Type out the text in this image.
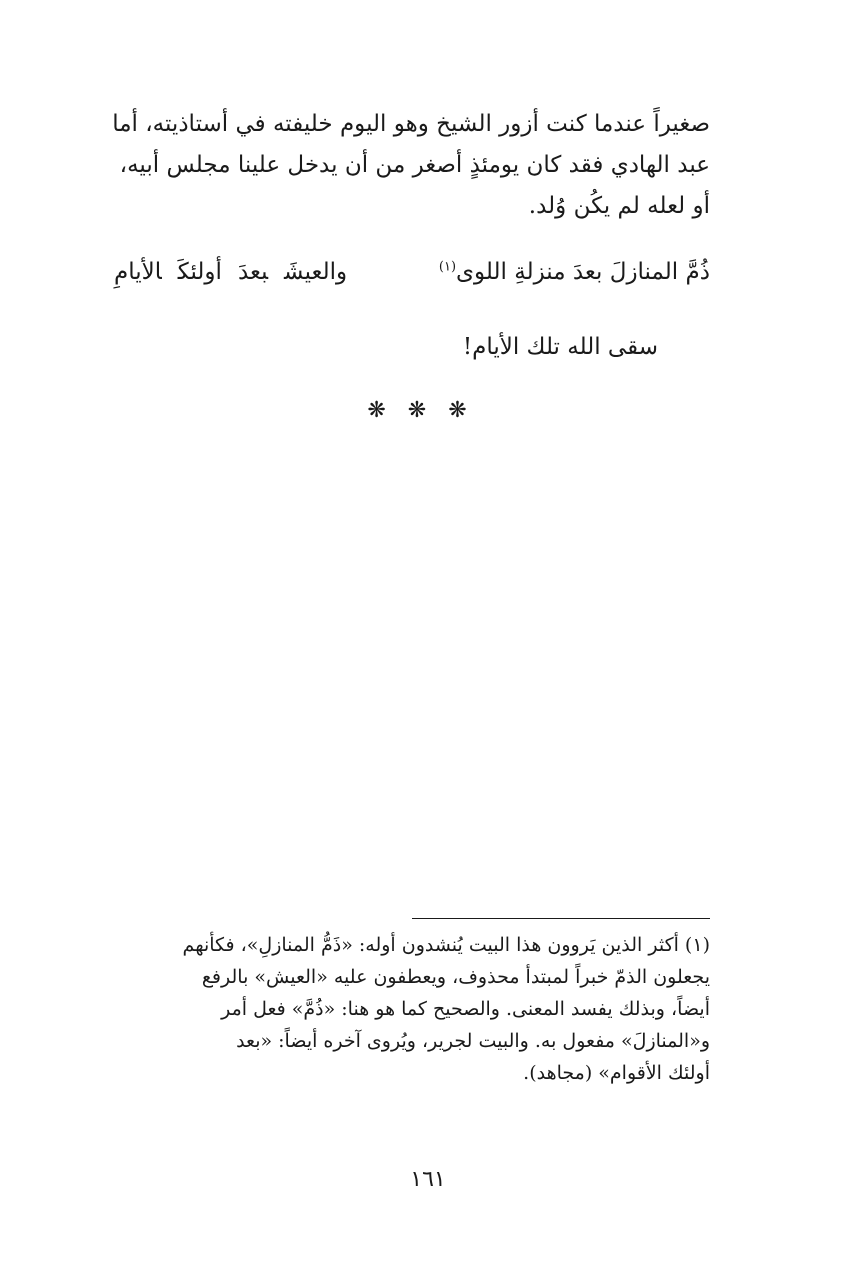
صغيراً عندما كنت أزور الشيخ وهو اليوم خليفته في أستاذيته، أما

عبد الهادي فقد كان يومئذٍ أصغر من أن يدخل علينا مجلس أبيه،

أو لعله لم يكُن وُلد.

ذُمَّ المنازلَ بعدَ منزلةِ اللوى$^{(١)}$
والعيشَبعدَأولئكَالأيامِ
سقى الله تلك الأيام!
❋❋❋

(١) أكثر الذين يَروون هذا البيت يُنشدون أوله: «ذَمُّ المنازلِ»، فكأنهم

يجعلون الذمّ خبراً لمبتدأ محذوف، ويعطفون عليه «العيش» بالرفع

أيضاً، وبذلك يفسد المعنى. والصحيح كما هو هنا: «ذُمَّ» فعل أمر

و«المنازلَ» مفعول به. والبيت لجرير، ويُروى آخره أيضاً: «بعد

أولئك الأقوام» (مجاهد).

١٦١
